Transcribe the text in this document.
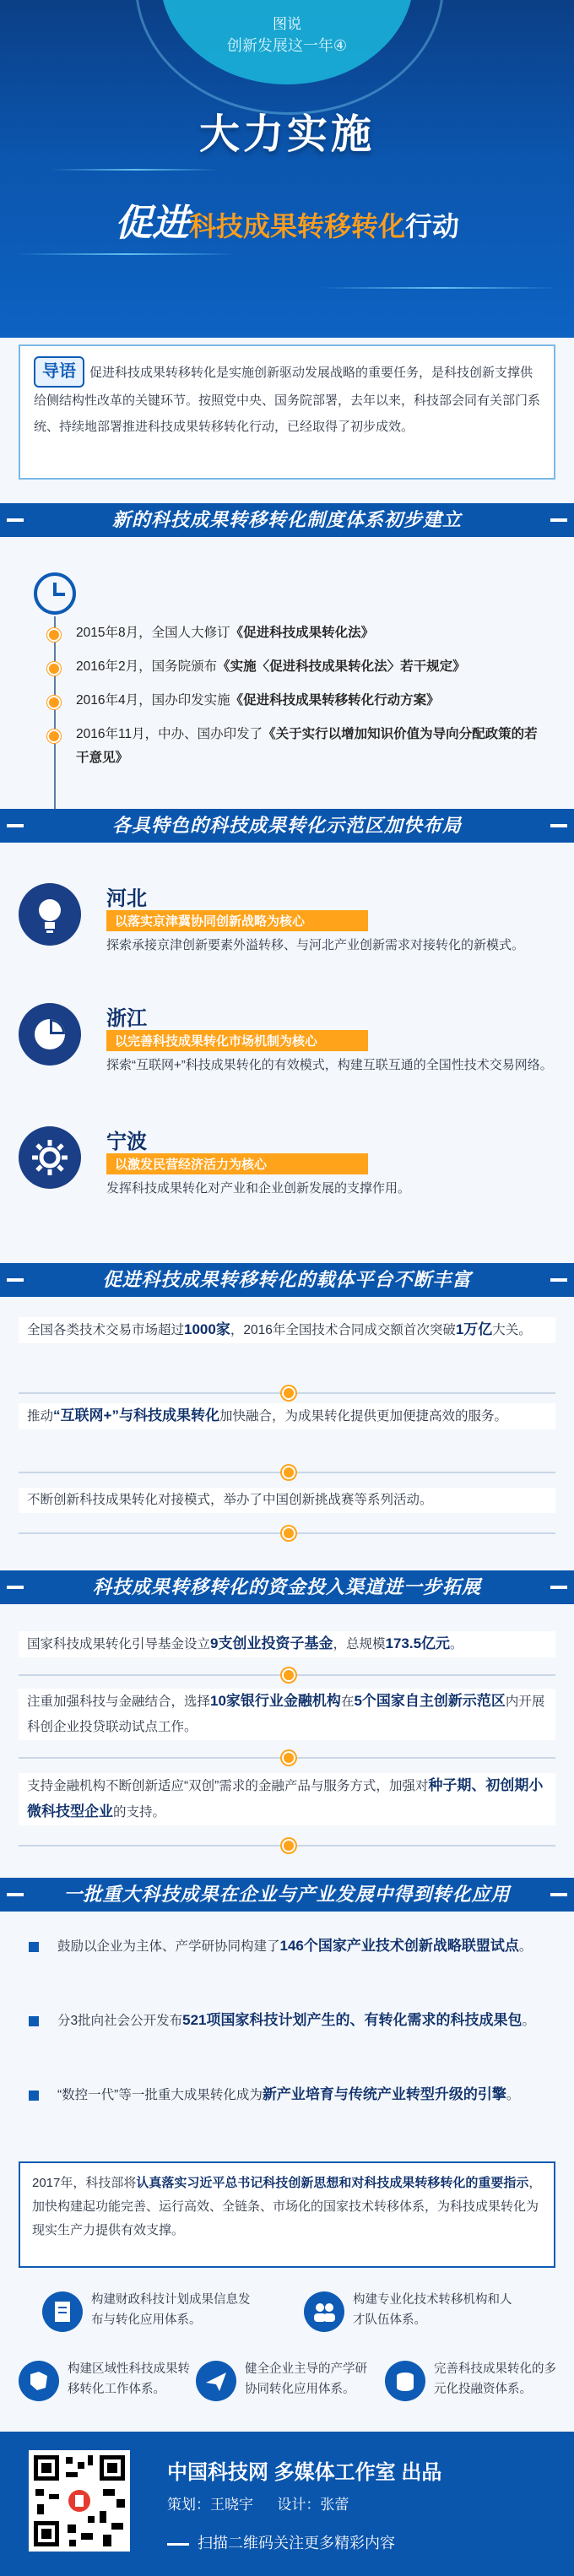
图说
创新发展这一年④
大力实施
促进科技成果转移转化行动

导语 促进科技成果转移转化是实施创新驱动发展战略的重要任务，是科技创新支撑供给侧结构性改革的关键环节。按照党中央、国务院部署，去年以来，科技部会同有关部门系统、持续地部署推进科技成果转移转化行动，已经取得了初步成效。

新的科技成果转移转化制度体系初步建立
2015年8月，全国人大修订《促进科技成果转化法》
2016年2月，国务院颁布《实施〈促进科技成果转化法〉若干规定》
2016年4月，国办印发实施《促进科技成果转移转化行动方案》
2016年11月，中办、国办印发了《关于实行以增加知识价值为导向分配政策的若干意见》
各具特色的科技成果转化示范区加快布局
河北
以落实京津冀协同创新战略为核心
探索承接京津创新要素外溢转移、与河北产业创新需求对接转化的新模式。
浙江
以完善科技成果转化市场机制为核心
探索“互联网+”科技成果转化的有效模式，构建互联互通的全国性技术交易网络。
宁波
以激发民营经济活力为核心
发挥科技成果转化对产业和企业创新发展的支撑作用。
促进科技成果转移转化的载体平台不断丰富
全国各类技术交易市场超过1000家，2016年全国技术合同成交额首次突破1万亿大关。
推动“互联网+”与科技成果转化加快融合，为成果转化提供更加便捷高效的服务。
不断创新科技成果转化对接模式，举办了中国创新挑战赛等系列活动。
科技成果转移转化的资金投入渠道进一步拓展
国家科技成果转化引导基金设立9支创业投资子基金，总规模173.5亿元。
注重加强科技与金融结合，选择10家银行业金融机构在5个国家自主创新示范区内开展科创企业投贷联动试点工作。
支持金融机构不断创新适应“双创”需求的金融产品与服务方式，加强对种子期、初创期小微科技型企业的支持。
一批重大科技成果在企业与产业发展中得到转化应用
鼓励以企业为主体、产学研协同构建了146个国家产业技术创新战略联盟试点。
分3批向社会公开发布521项国家科技计划产生的、有转化需求的科技成果包。
“数控一代”等一批重大成果转化成为新产业培育与传统产业转型升级的引擎。
2017年，科技部将认真落实习近平总书记科技创新思想和对科技成果转移转化的重要指示，加快构建起功能完善、运行高效、全链条、市场化的国家技术转移体系，为科技成果转化为现实生产力提供有效支撑。
构建财政科技计划成果信息发布与转化应用体系。
构建专业化技术转移机构和人才队伍体系。
构建区域性科技成果转移转化工作体系。
健全企业主导的产学研协同转化应用体系。
完善科技成果转化的多元化投融资体系。
中国科技网 多媒体工作室 出品
策划：王晓宇 设计：张蕾
扫描二维码关注更多精彩内容
